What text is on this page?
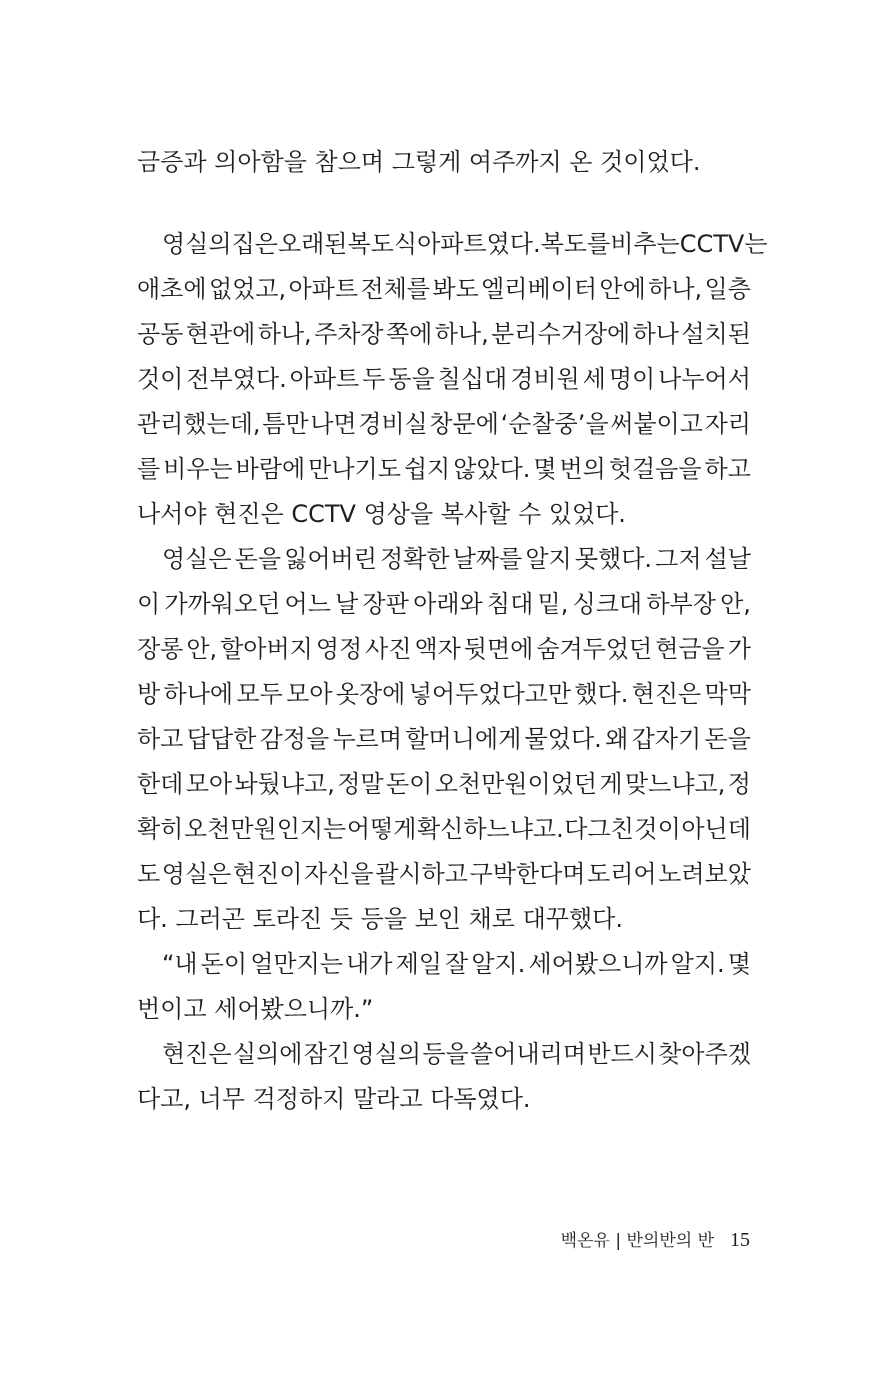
금증과 의아함을 참으며 그렇게 여주까지 온 것이었다.
영실의 집은 오래된 복도식 아파트였다. 복도를 비추는 CCTV는
애초에 없었고, 아파트 전체를 봐도 엘리베이터 안에 하나, 일층
공동 현관에 하나, 주차장 쪽에 하나, 분리수거장에 하나 설치된
것이 전부였다. 아파트 두 동을 칠십대 경비원 세 명이 나누어서
관리했는데, 틈만 나면 경비실 창문에 ‘순찰중’을 써붙이고 자리
를 비우는 바람에 만나기도 쉽지 않았다. 몇 번의 헛걸음을 하고
나서야 현진은 CCTV 영상을 복사할 수 있었다.
영실은 돈을 잃어버린 정확한 날짜를 알지 못했다. 그저 설날
이 가까워오던 어느 날 장판 아래와 침대 밑, 싱크대 하부장 안,
장롱 안, 할아버지 영정 사진 액자 뒷면에 숨겨두었던 현금을 가
방 하나에 모두 모아 옷장에 넣어두었다고만 했다. 현진은 막막
하고 답답한 감정을 누르며 할머니에게 물었다. 왜 갑자기 돈을
한데 모아 놔뒀냐고, 정말 돈이 오천만원이었던 게 맞느냐고, 정
확히 오천만원인지는 어떻게 확신하느냐고. 다그친 것이 아닌데
도 영실은 현진이 자신을 괄시하고 구박한다며 도리어 노려보았
다. 그러곤 토라진 듯 등을 보인 채로 대꾸했다.
“내 돈이 얼만지는 내가 제일 잘 알지. 세어봤으니까 알지. 몇
번이고 세어봤으니까.”
현진은 실의에 잠긴 영실의 등을 쓸어내리며 반드시 찾아주겠
다고, 너무 걱정하지 말라고 다독였다.
백온유 | 반의반의 반 15
